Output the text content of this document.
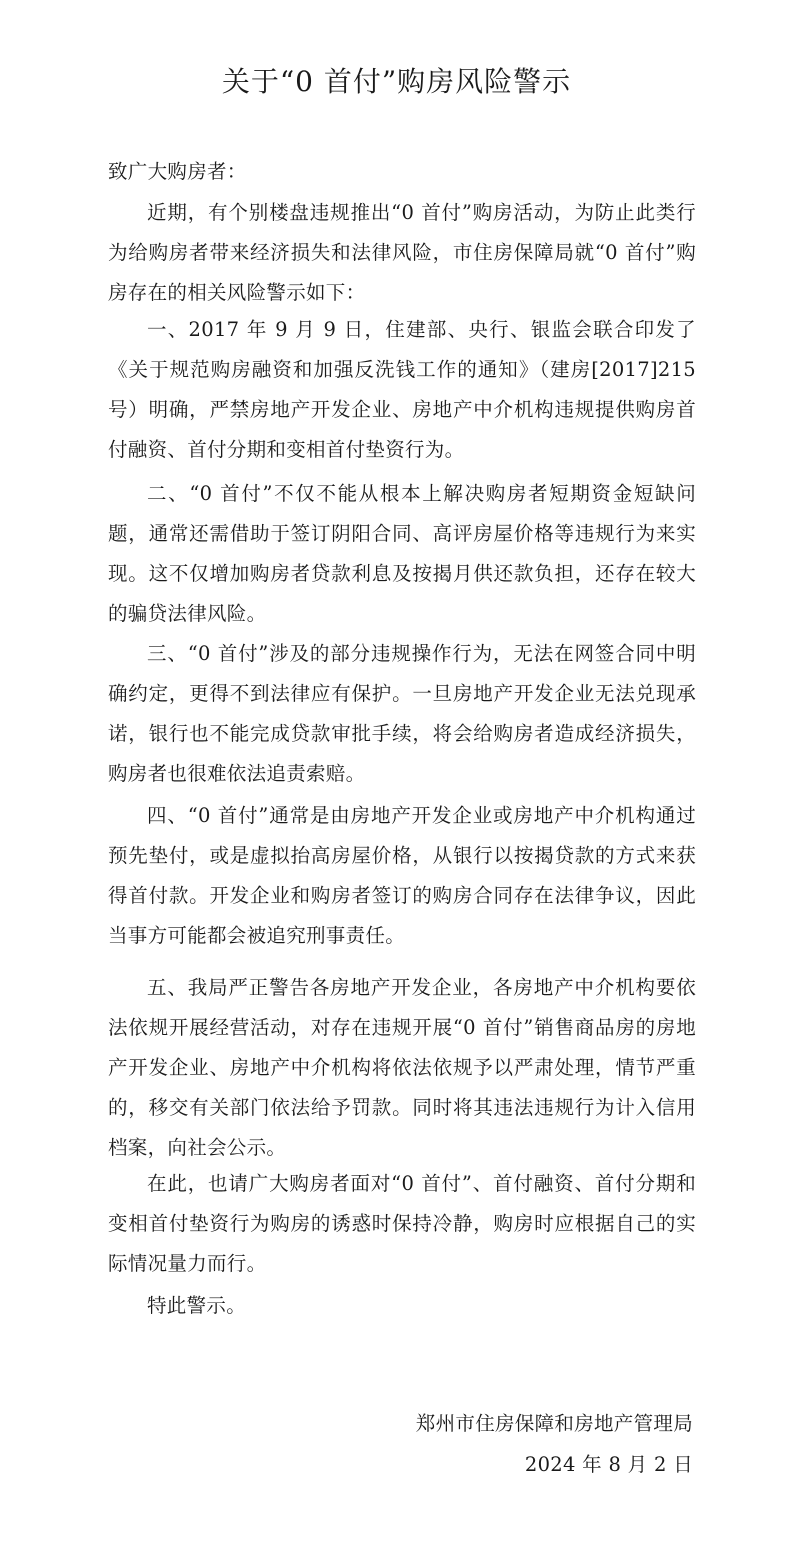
关于“0 首付”购房风险警示

致广大购房者：

近期，有个别楼盘违规推出“0 首付”购房活动，为防止此类行为给购房者带来经济损失和法律风险，市住房保障局就“0 首付”购房存在的相关风险警示如下：

一、2017 年 9 月 9 日，住建部、央行、银监会联合印发了《关于规范购房融资和加强反洗钱工作的通知》（建房[2017]215 号）明确，严禁房地产开发企业、房地产中介机构违规提供购房首付融资、首付分期和变相首付垫资行为。

二、“0 首付”不仅不能从根本上解决购房者短期资金短缺问题，通常还需借助于签订阴阳合同、高评房屋价格等违规行为来实现。这不仅增加购房者贷款利息及按揭月供还款负担，还存在较大的骗贷法律风险。

三、“0 首付”涉及的部分违规操作行为，无法在网签合同中明确约定，更得不到法律应有保护。一旦房地产开发企业无法兑现承诺，银行也不能完成贷款审批手续，将会给购房者造成经济损失，购房者也很难依法追责索赔。

四、“0 首付”通常是由房地产开发企业或房地产中介机构通过预先垫付，或是虚拟抬高房屋价格，从银行以按揭贷款的方式来获得首付款。开发企业和购房者签订的购房合同存在法律争议，因此当事方可能都会被追究刑事责任。

五、我局严正警告各房地产开发企业，各房地产中介机构要依法依规开展经营活动，对存在违规开展“0 首付”销售商品房的房地产开发企业、房地产中介机构将依法依规予以严肃处理，情节严重的，移交有关部门依法给予罚款。同时将其违法违规行为计入信用档案，向社会公示。

在此，也请广大购房者面对“0 首付”、首付融资、首付分期和变相首付垫资行为购房的诱惑时保持冷静，购房时应根据自己的实际情况量力而行。

特此警示。

郑州市住房保障和房地产管理局

2024 年 8 月 2 日
